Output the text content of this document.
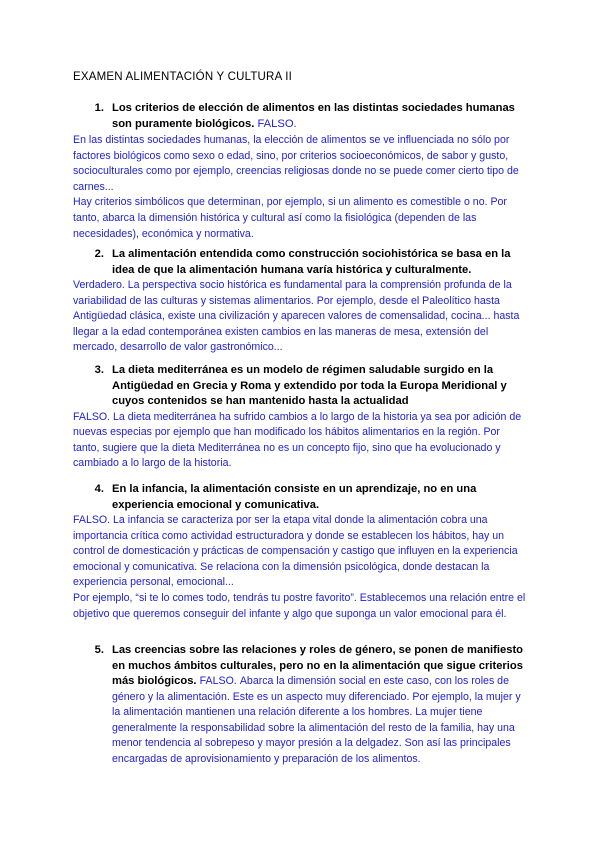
EXAMEN ALIMENTACIÓN Y CULTURA II
1. Los criterios de elección de alimentos en las distintas sociedades humanas son puramente biológicos. FALSO.

En las distintas sociedades humanas, la elección de alimentos se ve influenciada no sólo por factores biológicos como sexo o edad, sino, por criterios socioeconómicos, de sabor y gusto, socioculturales como por ejemplo, creencias religiosas donde no se puede comer cierto tipo de carnes...

Hay criterios simbólicos que determinan, por ejemplo, si un alimento es comestible o no. Por tanto, abarca la dimensión histórica y cultural así como la fisiológica (dependen de las necesidades), económica y normativa.

2. La alimentación entendida como construcción sociohistórica se basa en la idea de que la alimentación humana varía histórica y culturalmente.

Verdadero. La perspectiva socio histórica es fundamental para la comprensión profunda de la variabilidad de las culturas y sistemas alimentarios. Por ejemplo, desde el Paleolítico hasta Antigüedad clásica, existe una civilización y aparecen valores de comensalidad, cocina... hasta llegar a la edad contemporánea existen cambios en las maneras de mesa, extensión del mercado, desarrollo de valor gastronómico...

3. La dieta mediterránea es un modelo de régimen saludable surgido en la Antigüedad en Grecia y Roma y extendido por toda la Europa Meridional y cuyos contenidos se han mantenido hasta la actualidad

FALSO. La dieta mediterránea ha sufrido cambios a lo largo de la historia ya sea por adición de nuevas especias por ejemplo que han modificado los hábitos alimentarios en la región. Por tanto, sugiere que la dieta Mediterránea no es un concepto fijo, sino que ha evolucionado y cambiado a lo largo de la historia.

4. En la infancia, la alimentación consiste en un aprendizaje, no en una experiencia emocional y comunicativa.

FALSO. La infancia se caracteriza por ser la etapa vital donde la alimentación cobra una importancia crítica como actividad estructuradora y donde se establecen los hábitos, hay un control de domesticación y prácticas de compensación y castigo que influyen en la experiencia emocional y comunicativa. Se relaciona con la dimensión psicológica, donde destacan la experiencia personal, emocional...

Por ejemplo, “si te lo comes todo, tendrás tu postre favorito”. Establecemos una relación entre el objetivo que queremos conseguir del infante y algo que suponga un valor emocional para él.

5. Las creencias sobre las relaciones y roles de género, se ponen de manifiesto en muchos ámbitos culturales, pero no en la alimentación que sigue criterios más biológicos. FALSO. Abarca la dimensión social en este caso, con los roles de género y la alimentación. Este es un aspecto muy diferenciado. Por ejemplo, la mujer y la alimentación mantienen una relación diferente a los hombres. La mujer tiene generalmente la responsabilidad sobre la alimentación del resto de la familia, hay una menor tendencia al sobrepeso y mayor presión a la delgadez. Son así las principales encargadas de aprovisionamiento y preparación de los alimentos.
